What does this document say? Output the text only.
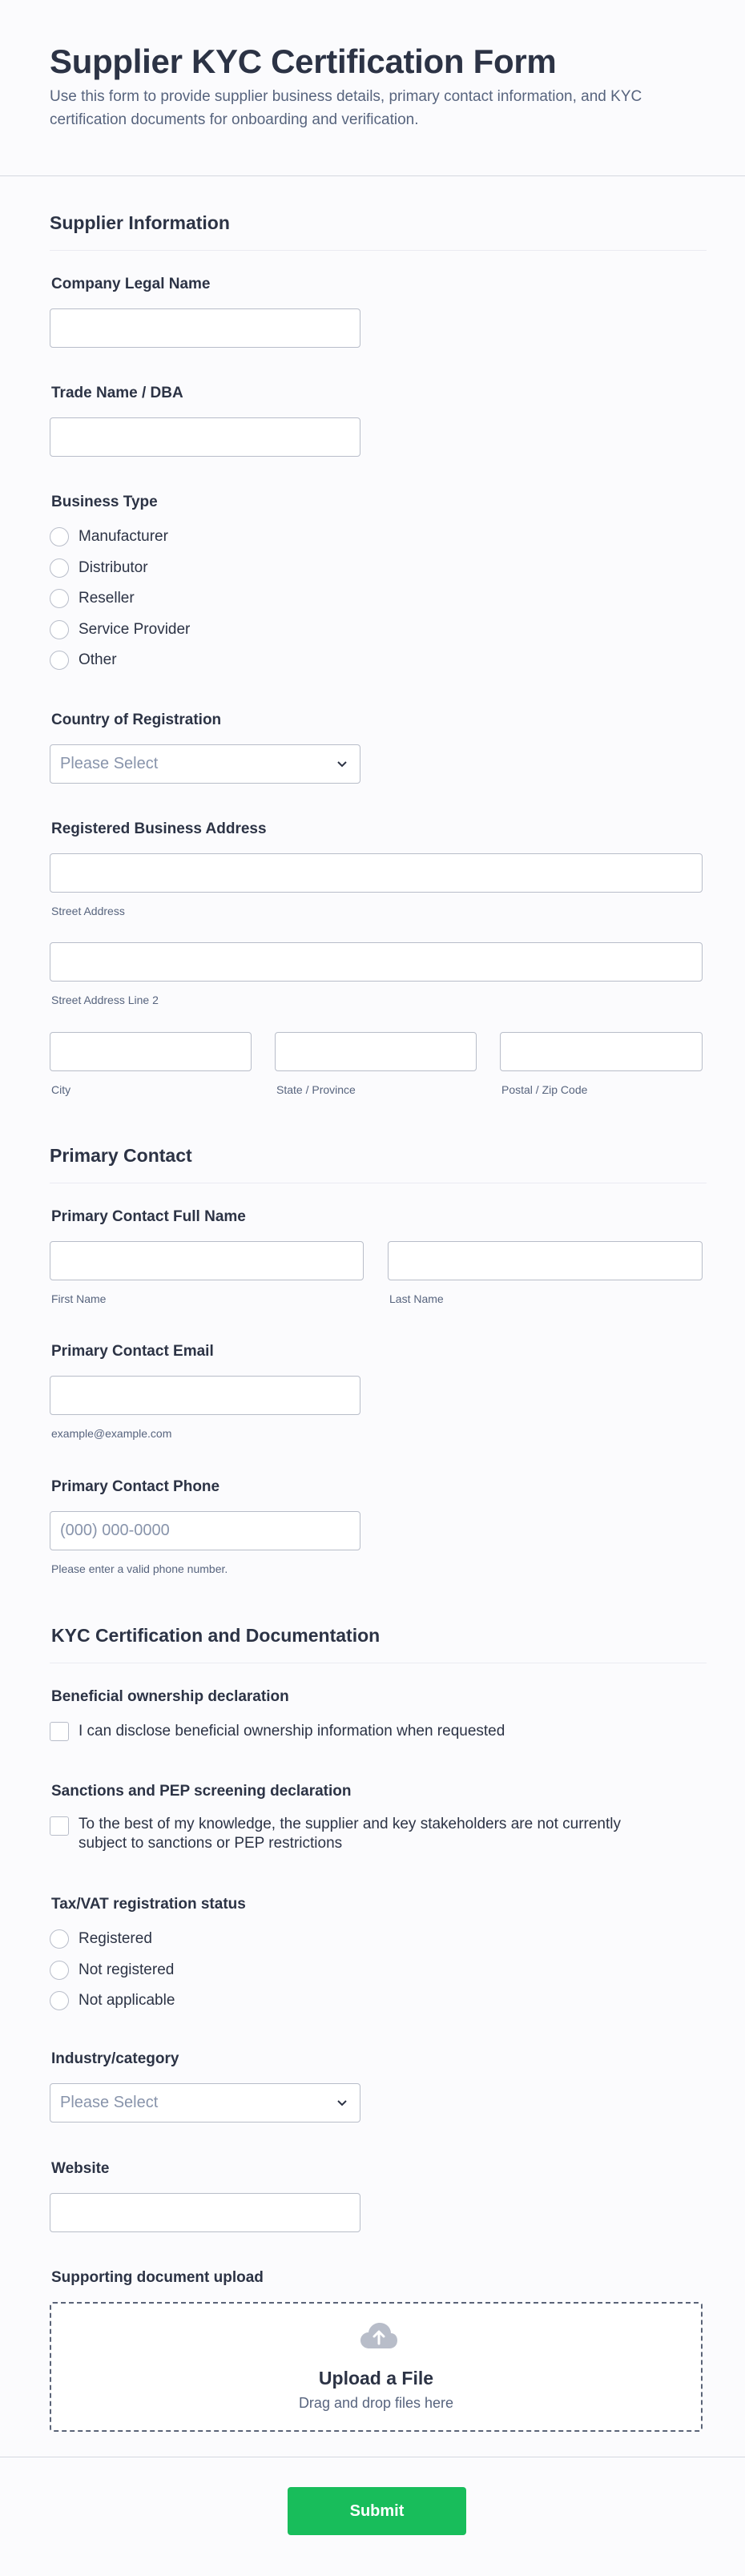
Supplier KYC Certification Form
Use this form to provide supplier business details, primary contact information, and KYC certification documents for onboarding and verification.
Supplier Information
Company Legal Name
Trade Name / DBA
Business Type
Manufacturer
Distributor
Reseller
Service Provider
Other
Country of Registration
Please Select
Registered Business Address
Street Address
Street Address Line 2
City	State / Province	Postal / Zip Code
Primary Contact
Primary Contact Full Name
First Name	Last Name
Primary Contact Email
example@example.com
Primary Contact Phone
(000) 000-0000
Please enter a valid phone number.
KYC Certification and Documentation
Beneficial ownership declaration
I can disclose beneficial ownership information when requested
Sanctions and PEP screening declaration
To the best of my knowledge, the supplier and key stakeholders are not currently
subject to sanctions or PEP restrictions
Tax/VAT registration status
Registered
Not registered
Not applicable
Industry/category
Please Select
Website
Supporting document upload
Upload a File
Drag and drop files here
Submit
